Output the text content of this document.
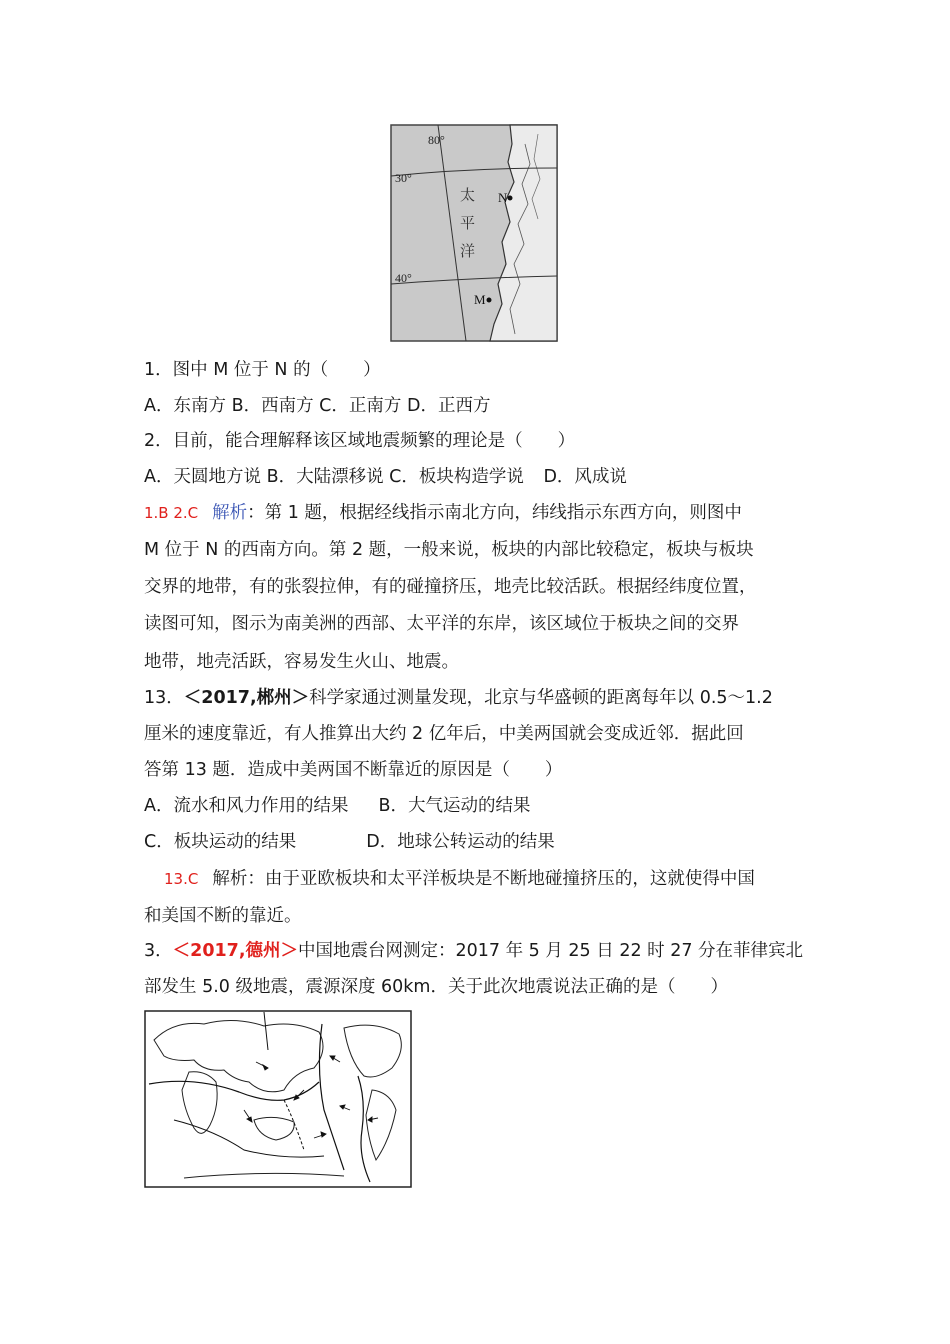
80°
30°
40°
太
平
洋
N
M
1．图中 M 位于 N 的（　　）
A．东南方 B．西南方 C．正南方 D．正西方
2．目前，能合理解释该区域地震频繁的理论是（　　）
A．天圆地方说 B．大陆漂移说 C．板块构造学说 D．风成说
1.B 2.C 解析：第 1 题，根据经线指示南北方向，纬线指示东西方向，则图中
M 位于 N 的西南方向。第 2 题，一般来说，板块的内部比较稳定，板块与板块
交界的地带，有的张裂拉伸，有的碰撞挤压，地壳比较活跃。根据经纬度位置，
读图可知，图示为南美洲的西部、太平洋的东岸，该区域位于板块之间的交界
地带，地壳活跃，容易发生火山、地震。
13．＜2017,郴州＞科学家通过测量发现，北京与华盛顿的距离每年以 0.5～1.2
厘米的速度靠近，有人推算出大约 2 亿年后，中美两国就会变成近邻．据此回
答第 13 题．造成中美两国不断靠近的原因是（　　）
A．流水和风力作用的结果 B．大气运动的结果
C．板块运动的结果	D．地球公转运动的结果
13.C 解析：由于亚欧板块和太平洋板块是不断地碰撞挤压的，这就使得中国
和美国不断的靠近。
3．＜2017,德州＞中国地震台网测定：2017 年 5 月 25 日 22 时 27 分在菲律宾北
部发生 5.0 级地震，震源深度 60km．关于此次地震说法正确的是（　　）
